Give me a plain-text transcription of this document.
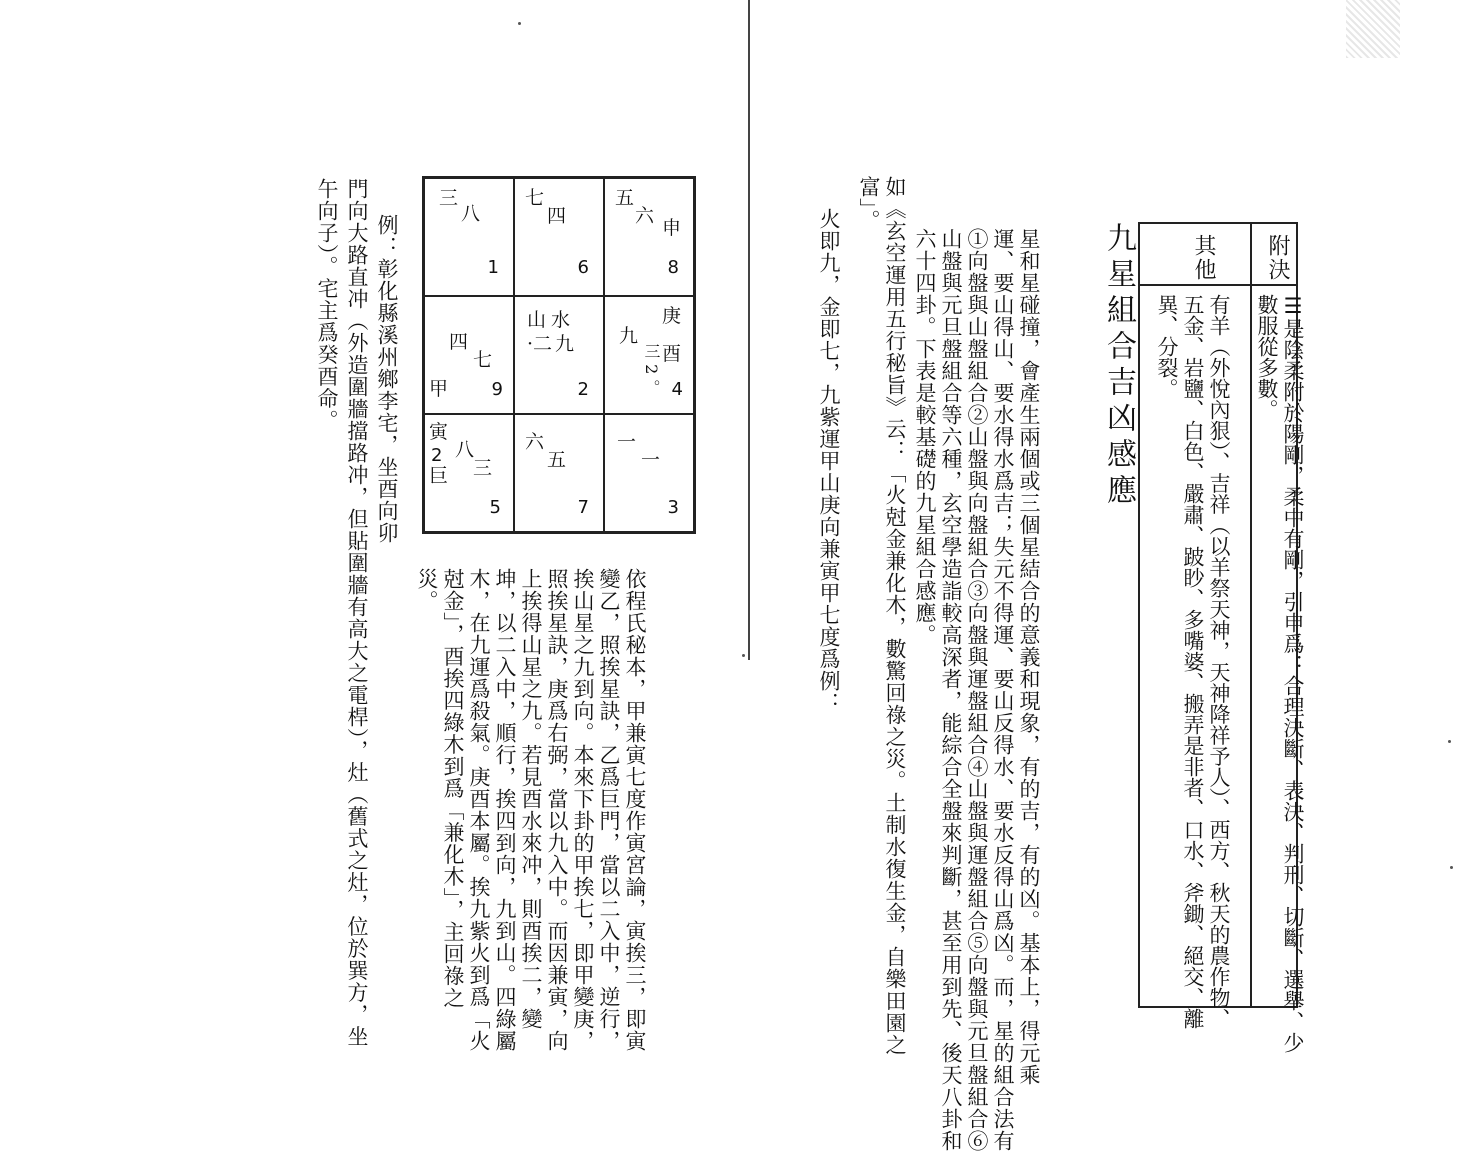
附決
其他
☰是陰柔附於陽剛，柔中有剛，引申爲：合理決斷、表決、判刑、切斷、選舉、少
數服從多數。
有羊（外悅內狠）、吉祥（以羊祭天神，天神降祥予人）、西方、秋天的農作物、
五金、岩鹽、白色、嚴肅、跛眇、多嘴婆、搬弄是非者、口水、斧鋤、絕交、離
異、分裂。
九星組合吉凶感應
星和星碰撞，會產生兩個或三個星結合的意義和現象，有的吉，有的凶。基本上，得元乘
運、要山得山、要水得水爲吉；失元不得運、要山反得水、要水反得山爲凶。而，星的組合法有
①向盤與山盤組合②山盤與向盤組合③向盤與運盤組合④山盤與運盤組合⑤向盤與元旦盤組合⑥
山盤與元旦盤組合等六種，玄空學造詣較高深者，能綜合全盤來判斷，甚至用到先、後天八卦和
六十四卦。下表是較基礎的九星組合感應。
如《玄空運用五行秘旨》云：「火尅金兼化木，數驚回祿之災。土制水復生金，自樂田園之
富」。
火即九，金即七，九紫運甲山庚向兼寅甲七度爲例：
三
八
1
七
四
6
五
六
申
8
四
七
甲 9
山 水
·二 九
2
九
庚
三 2 。 酉
4
寅
2
巨
八
三
5
六
五
7
一
一
3
依程氏秘本，甲兼寅七度作寅宮論，寅挨三，即寅
變乙，照挨星訣，乙爲巨門，當以二入中，逆行，
挨山星之九到向。本來下卦的甲挨七，即甲變庚，
照挨星訣，庚爲右弼，當以九入中。而因兼寅，向
上挨得山星之九。若見酉水來冲，則酉挨二，變
坤，以二入中，順行，挨四到向，九到山。四綠屬
木，在九運爲殺氣。庚酉本屬。挨九紫火到爲「火
尅金」，酉挨四綠木到爲「兼化木」，主回祿之
災。
例：彰化縣溪州鄉李宅，坐酉向卯
門向大路直冲（外造圍牆擋路冲，但貼圍牆有高大之電桿），灶（舊式之灶，位於巽方，坐
午向子）。宅主爲癸酉命。
